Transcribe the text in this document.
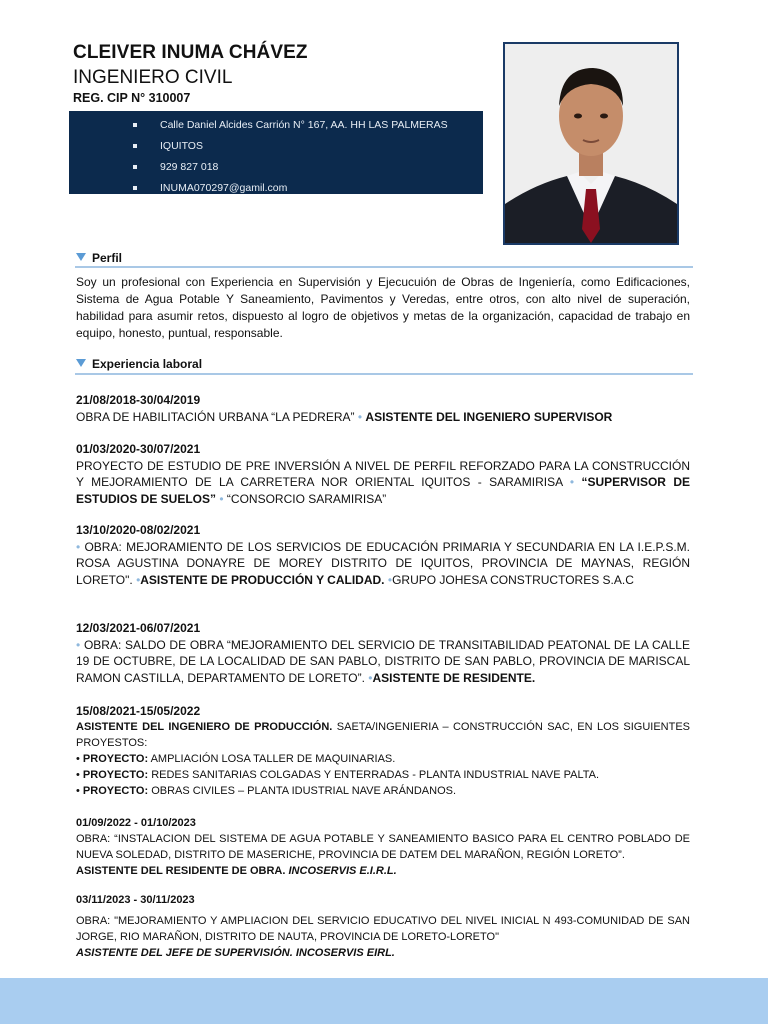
CLEIVER INUMA CHÁVEZ
INGENIERO CIVIL
REG. CIP N° 310007
Calle Daniel Alcides Carrión N° 167, AA. HH LAS PALMERAS
IQUITOS
929 827 018
INUMA070297@gamil.com
Perfil
Soy un profesional con Experiencia en Supervisión y Ejecucuión de Obras de Ingeniería, como Edificaciones, Sistema de Agua Potable Y Saneamiento, Pavimentos y Veredas, entre otros, con alto nivel de superación, habilidad para asumir retos, dispuesto al logro de objetivos y metas de la organización, capacidad de trabajo en equipo, honesto, puntual, responsable.
Experiencia laboral
21/08/2018-30/04/2019
OBRA DE HABILITACIÓN URBANA “LA PEDRERA” • ASISTENTE DEL INGENIERO SUPERVISOR
01/03/2020-30/07/2021
PROYECTO DE ESTUDIO DE PRE INVERSIÓN A NIVEL DE PERFIL REFORZADO PARA LA CONSTRUCCIÓN Y MEJORAMIENTO DE LA CARRETERA NOR ORIENTAL IQUITOS - SARAMIRISA • “SUPERVISOR DE ESTUDIOS DE SUELOS” • “CONSORCIO SARAMIRISA”
13/10/2020-08/02/2021
• OBRA: MEJORAMIENTO DE LOS SERVICIOS DE EDUCACIÓN PRIMARIA Y SECUNDARIA EN LA I.E.P.S.M. ROSA AGUSTINA DONAYRE DE MOREY DISTRITO DE IQUITOS, PROVINCIA DE MAYNAS, REGIÓN LORETO". •ASISTENTE DE PRODUCCIÓN Y CALIDAD. •GRUPO JOHESA CONSTRUCTORES S.A.C
12/03/2021-06/07/2021
• OBRA: SALDO DE OBRA “MEJORAMIENTO DEL SERVICIO DE TRANSITABILIDAD PEATONAL DE LA CALLE 19 DE OCTUBRE, DE LA LOCALIDAD DE SAN PABLO, DISTRITO DE SAN PABLO, PROVINCIA DE MARISCAL RAMON CASTILLA, DEPARTAMENTO DE LORETO”. •ASISTENTE DE RESIDENTE.
15/08/2021-15/05/2022
ASISTENTE DEL INGENIERO DE PRODUCCIÓN. SAETA/INGENIERIA – CONSTRUCCIÓN SAC, EN LOS SIGUIENTES PROYESTOS:
• PROYECTO: AMPLIACIÓN LOSA TALLER DE MAQUINARIAS.
• PROYECTO: REDES SANITARIAS COLGADAS Y ENTERRADAS - PLANTA INDUSTRIAL NAVE PALTA.
• PROYECTO: OBRAS CIVILES – PLANTA IDUSTRIAL NAVE ARÁNDANOS.
01/09/2022 - 01/10/2023
OBRA: “INSTALACION DEL SISTEMA DE AGUA POTABLE Y SANEAMIENTO BASICO PARA EL CENTRO POBLADO DE NUEVA SOLEDAD, DISTRITO DE MASERICHE, PROVINCIA DE DATEM DEL MARAÑON, REGIÓN LORETO”.
ASISTENTE DEL RESIDENTE DE OBRA. INCOSERVIS E.I.R.L.
03/11/2023 - 30/11/2023
OBRA: "MEJORAMIENTO Y AMPLIACION DEL SERVICIO EDUCATIVO DEL NIVEL INICIAL N 493-COMUNIDAD DE SAN JORGE, RIO MARAÑON, DISTRITO DE NAUTA, PROVINCIA DE LORETO-LORETO"
ASISTENTE DEL JEFE DE SUPERVISIÓN. INCOSERVIS EIRL.
